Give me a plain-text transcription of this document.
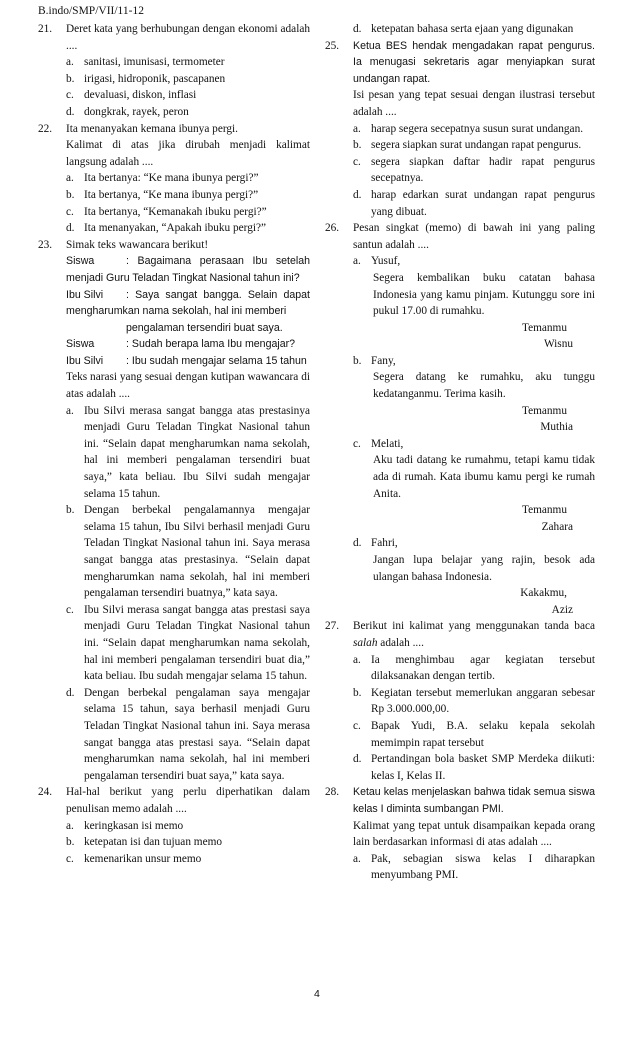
B.indo/SMP/VII/11-12
21. Deret kata yang berhubungan dengan ekonomi adalah ....

a. sanitasi, imunisasi, termometer
b. irigasi, hidroponik, pascapanen
c. devaluasi, diskon, inflasi
d. dongkrak, rayek, peron
22. Ita menanyakan kemana ibunya pergi.

Kalimat di atas jika dirubah menjadi kalimat langsung adalah ....

a. Ita bertanya: “Ke mana ibunya pergi?”
b. Ita bertanya, “Ke mana ibunya pergi?”
c. Ita bertanya, “Kemanakah ibuku pergi?”
d. Ita menanyakan, “Apakah ibuku pergi?”
23. Simak teks wawancara berikut!

Siswa	: Bagaimana perasaan Ibu setelah menjadi Guru Teladan Tingkat Nasional tahun ini?

Ibu Silvi : Saya sangat bangga. Selain dapat mengharumkan nama sekolah, hal ini memberi

pengalaman tersendiri buat saya.

Siswa	: Sudah berapa lama Ibu mengajar?

Ibu Silvi : Ibu sudah mengajar selama 15 tahun

Teks narasi yang sesuai dengan kutipan wawancara di atas adalah ....

a. Ibu Silvi merasa sangat bangga atas prestasinya menjadi Guru Teladan Tingkat Nasional tahun ini. “Selain dapat mengharumkan nama sekolah, hal ini memberi pengalaman tersendiri buat saya,” kata beliau. Ibu Silvi sudah mengajar selama 15 tahun.
b. Dengan berbekal pengalamannya mengajar selama 15 tahun, Ibu Silvi berhasil menjadi Guru Teladan Tingkat Nasional tahun ini. Saya merasa sangat bangga atas prestasinya. “Selain dapat mengharumkan nama sekolah, hal ini memberi pengalaman tersendiri buatnya,” kata saya.
c. Ibu Silvi merasa sangat bangga atas prestasi saya menjadi Guru Teladan Tingkat Nasional tahun ini. “Selain dapat mengharumkan nama sekolah, hal ini memberi pengalaman tersendiri buat dia,” kata beliau. Ibu sudah mengajar selama 15 tahun.
d. Dengan berbekal pengalaman saya mengajar selama 15 tahun, saya berhasil menjadi Guru Teladan Tingkat Nasional tahun ini. Saya merasa sangat bangga atas prestasi saya. “Selain dapat mengharumkan nama sekolah, hal ini memberi pengalaman tersendiri buat saya,” kata saya.
24. Hal-hal berikut yang perlu diperhatikan dalam penulisan memo adalah ....

a. keringkasan isi memo
b. ketepatan isi dan tujuan memo
c. kemenarikan unsur memo
d. ketepatan bahasa serta ejaan yang digunakan
25. Ketua BES hendak mengadakan rapat pengurus. Ia menugasi sekretaris agar menyiapkan surat undangan rapat.

Isi pesan yang tepat sesuai dengan ilustrasi tersebut adalah ....

a. harap segera secepatnya susun surat undangan.
b. segera siapkan surat undangan rapat pengurus.
c. segera siapkan daftar hadir rapat pengurus secepatnya.
d. harap edarkan surat undangan rapat pengurus yang dibuat.
26. Pesan singkat (memo) di bawah ini yang paling santun adalah ....

a. Yusuf,
Segera kembalikan buku catatan bahasa Indonesia yang kamu pinjam. Kutunggu sore ini pukul 17.00 di rumahku.
Temanmu
Wisnu
b. Fany,
Segera datang ke rumahku, aku tunggu kedatanganmu. Terima kasih.
Temanmu
Muthia
c. Melati,
Aku tadi datang ke rumahmu, tetapi kamu tidak ada di rumah. Kata ibumu kamu pergi ke rumah Anita.
Temanmu
Zahara
d. Fahri,
Jangan lupa belajar yang rajin, besok ada ulangan bahasa Indonesia.
Kakakmu,
Aziz
27. Berikut ini kalimat yang menggunakan tanda baca salah adalah ....

a. Ia menghimbau agar kegiatan tersebut dilaksanakan dengan tertib.
b. Kegiatan tersebut memerlukan anggaran sebesar Rp 3.000.000,00.
c. Bapak Yudi, B.A. selaku kepala sekolah memimpin rapat tersebut
d. Pertandingan bola basket SMP Merdeka diikuti: kelas I, Kelas II.
28. Ketau kelas menjelaskan bahwa tidak semua siswa kelas I diminta sumbangan PMI.

Kalimat yang tepat untuk disampaikan kepada orang lain berdasarkan informasi di atas adalah ....

a. Pak, sebagian siswa kelas I diharapkan menyumbang PMI.
4
